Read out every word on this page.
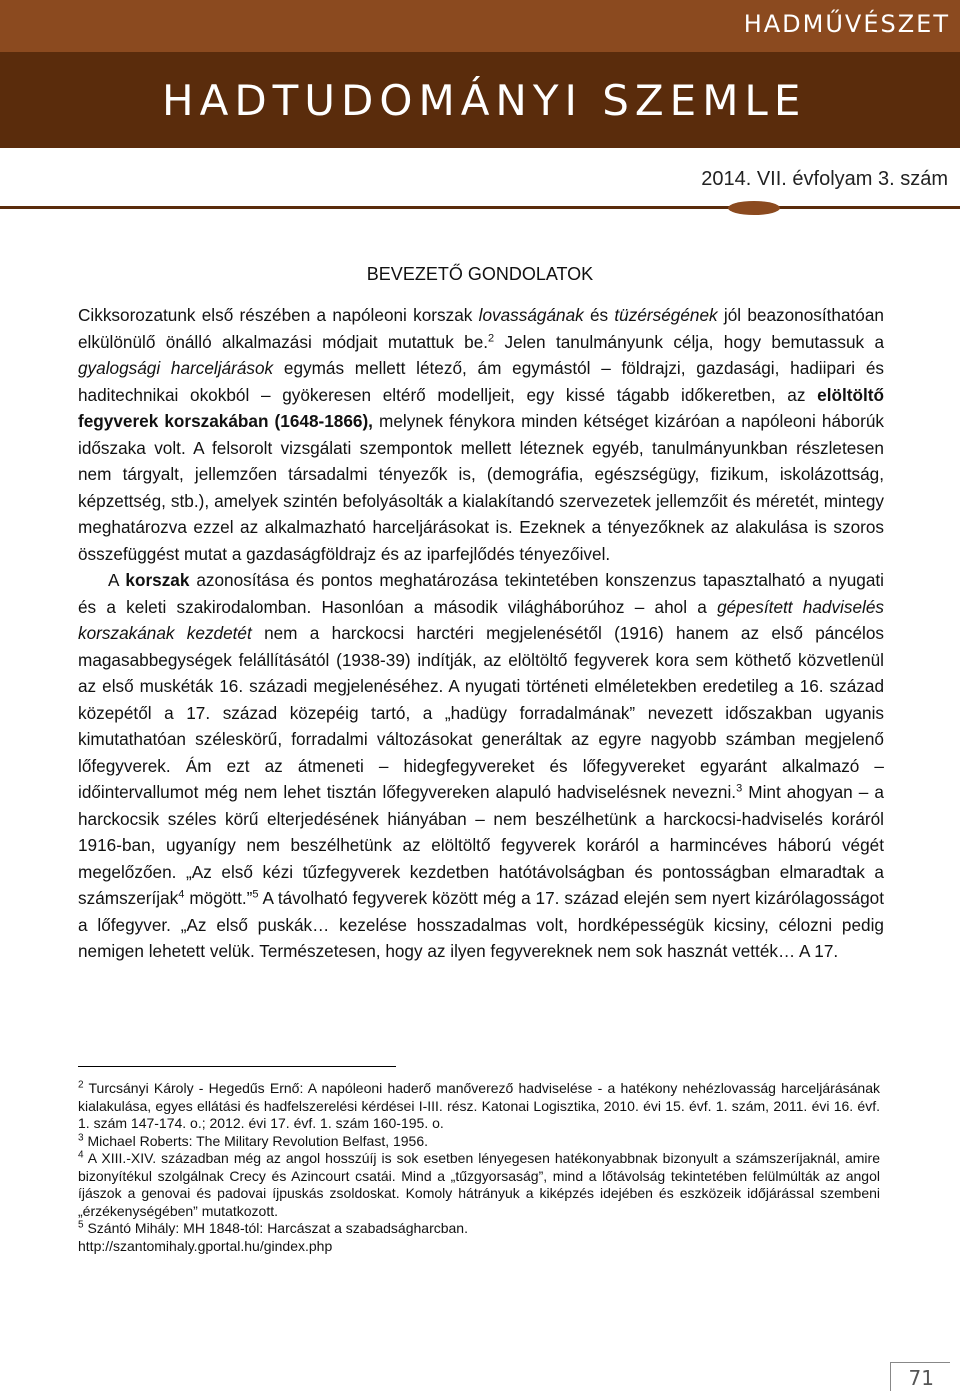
HADMŰVÉSZET
HADTUDOMÁNYI SZEMLE
2014. VII. évfolyam 3. szám
BEVEZETŐ GONDOLATOK

Cikksorozatunk első részében a napóleoni korszak lovasságának és tüzérségének jól beazonosíthatóan elkülönülő önálló alkalmazási módjait mutattuk be.$^2$ Jelen tanulmányunk célja, hogy bemutassuk a gyalogsági harceljárások egymás mellett létező, ám egymástól – földrajzi, gazdasági, hadiipari és haditechnikai okokból – gyökeresen eltérő modelljeit, egy kissé tágabb időkeretben, az elöltöltő fegyverek korszakában (1648-1866), melynek fénykora minden kétséget kizáróan a napóleoni háborúk időszaka volt. A felsorolt vizsgálati szempontok mellett léteznek egyéb, tanulmányunkban részletesen nem tárgyalt, jellemzően társadalmi tényezők is, (demográfia, egészségügy, fizikum, iskolázottság, képzettség, stb.), amelyek szintén befolyásolták a kialakítandó szervezetek jellemzőit és méretét, mintegy meghatározva ezzel az alkalmazható harceljárásokat is. Ezeknek a tényezőknek az alakulása is szoros összefüggést mutat a gazdaságföldrajz és az iparfejlődés tényezőivel.

A korszak azonosítása és pontos meghatározása tekintetében konszenzus tapasztalható a nyugati és a keleti szakirodalomban. Hasonlóan a második világháborúhoz – ahol a gépesített hadviselés korszakának kezdetét nem a harckocsi harctéri megjelenésétől (1916) hanem az első páncélos magasabbegységek felállításától (1938-39) indítják, az elöltöltő fegyverek kora sem köthető közvetlenül az első muskéták 16. századi megjelenéséhez. A nyugati történeti elméletekben eredetileg a 16. század közepétől a 17. század közepéig tartó, a „hadügy forradalmának” nevezett időszakban ugyanis kimutathatóan széleskörű, forradalmi változásokat generáltak az egyre nagyobb számban megjelenő lőfegyverek. Ám ezt az átmeneti – hidegfegyvereket és lőfegyvereket egyaránt alkalmazó – időintervallumot még nem lehet tisztán lőfegyvereken alapuló hadviselésnek nevezni.$^3$ Mint ahogyan – a harckocsik széles körű elterjedésének hiányában – nem beszélhetünk a harckocsi-hadviselés koráról 1916-ban, ugyanígy nem beszélhetünk az elöltöltő fegyverek koráról a harmincéves háború végét megelőzően. „Az első kézi tűzfegyverek kezdetben hatótávolságban és pontosságban elmaradtak a számszeríjak$^4$ mögött.”$^5$ A távolható fegyverek között még a 17. század elején sem nyert kizárólagosságot a lőfegyver. „Az első puskák… kezelése hosszadalmas volt, hordképességük kicsiny, célozni pedig nemigen lehetett velük. Természetesen, hogy az ilyen fegyvereknek nem sok hasznát vették… A 17.

$^2$ Turcsányi Károly - Hegedűs Ernő: A napóleoni haderő manőverező hadviselése - a hatékony nehézlovasság harceljárásának kialakulása, egyes ellátási és hadfelszerelési kérdései I-III. rész. Katonai Logisztika, 2010. évi 15. évf. 1. szám, 2011. évi 16. évf. 1. szám 147-174. o.; 2012. évi 17. évf. 1. szám 160-195. o.

$^3$ Michael Roberts: The Military Revolution Belfast, 1956.

$^4$ A XIII.-XIV. században még az angol hosszúíj is sok esetben lényegesen hatékonyabbnak bizonyult a számszeríjaknál, amire bizonyítékul szolgálnak Crecy és Azincourt csatái. Mind a „tűzgyorsaság”, mind a lőtávolság tekintetében felülmúlták az angol íjászok a genovai és padovai íjpuskás zsoldoskat. Komoly hátrányuk a kiképzés idejében és eszközeik időjárással szembeni „érzékenységében” mutatkozott.

$^5$ Szántó Mihály: MH 1848-tól: Harcászat a szabadságharcban.

http://szantomihaly.gportal.hu/gindex.php

71
